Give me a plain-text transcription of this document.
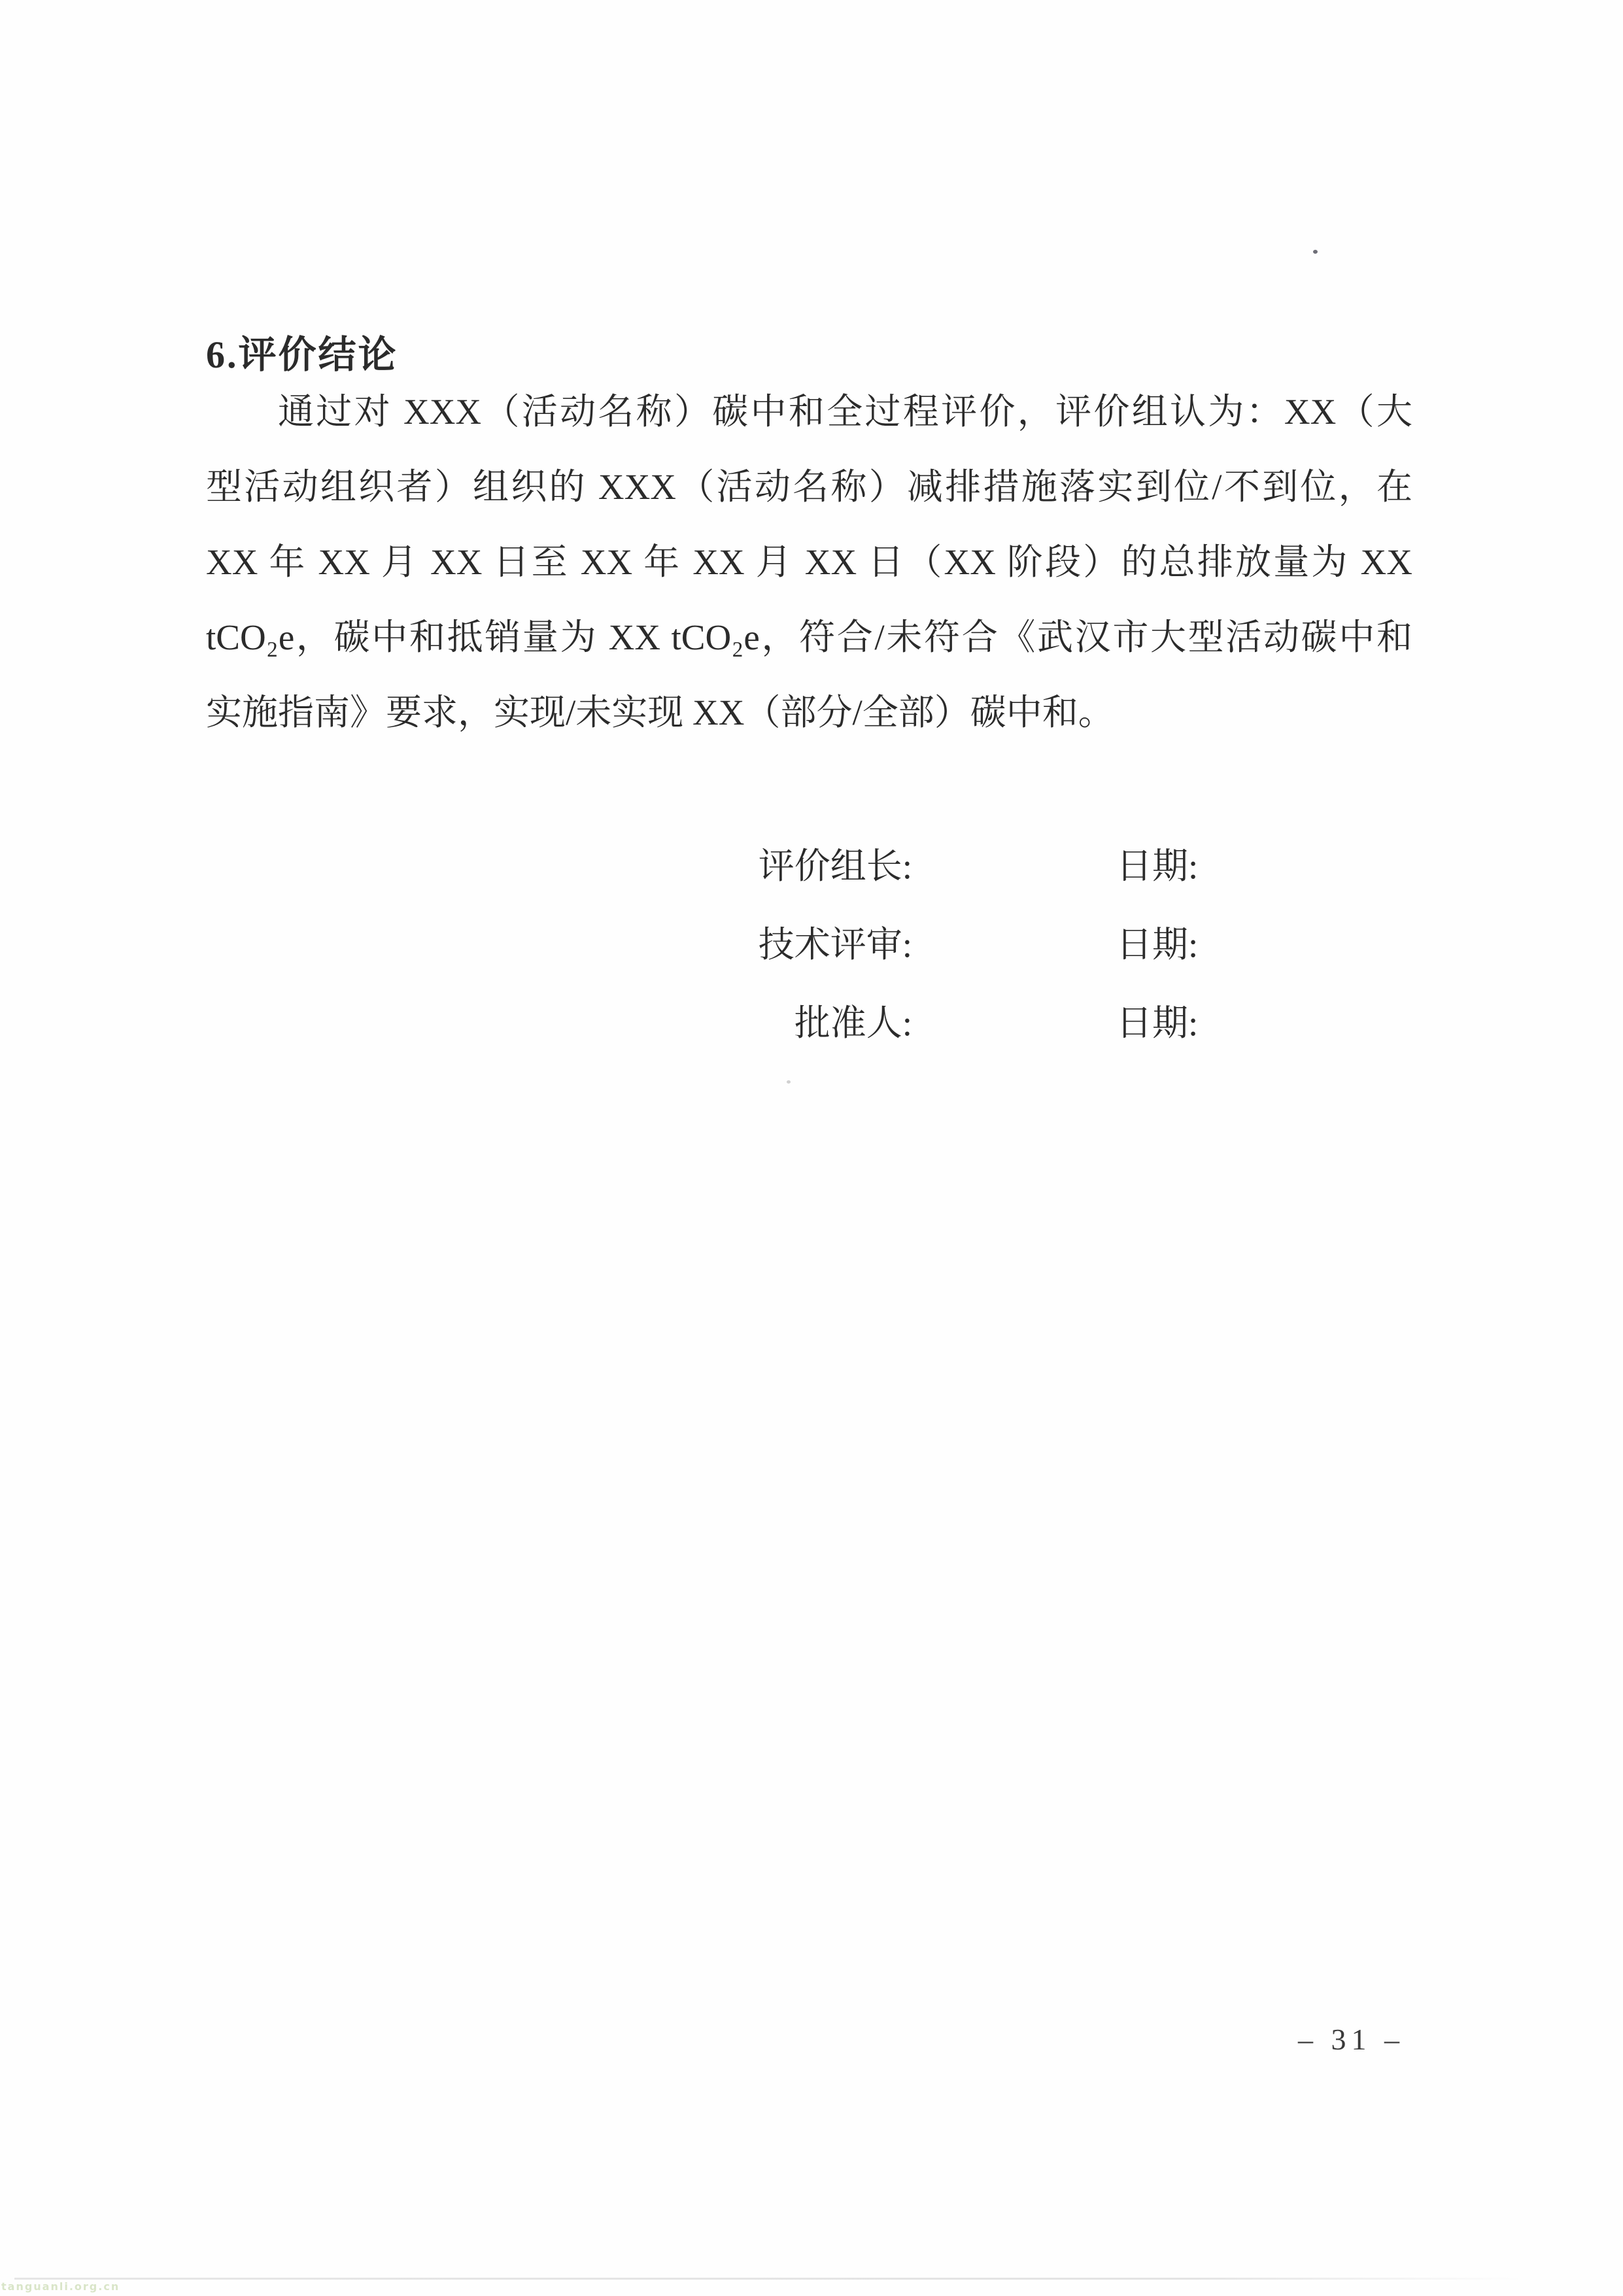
6.评价结论
通过对 XXX（活动名称）碳中和全过程评价，评价组认为：XX（大
型活动组织者）组织的 XXX（活动名称）减排措施落实到位/不到位，在
XX 年 XX 月 XX 日至 XX 年 XX 月 XX 日（XX 阶段）的总排放量为 XX
tCO₂e，碳中和抵销量为 XX tCO₂e，符合/未符合《武汉市大型活动碳中和
实施指南》要求，实现/未实现 XX（部分/全部）碳中和。
评价组长:	日期:
技术评审:	日期:
批准人:	日期:
– 31 –
tanguanli.org.cn
